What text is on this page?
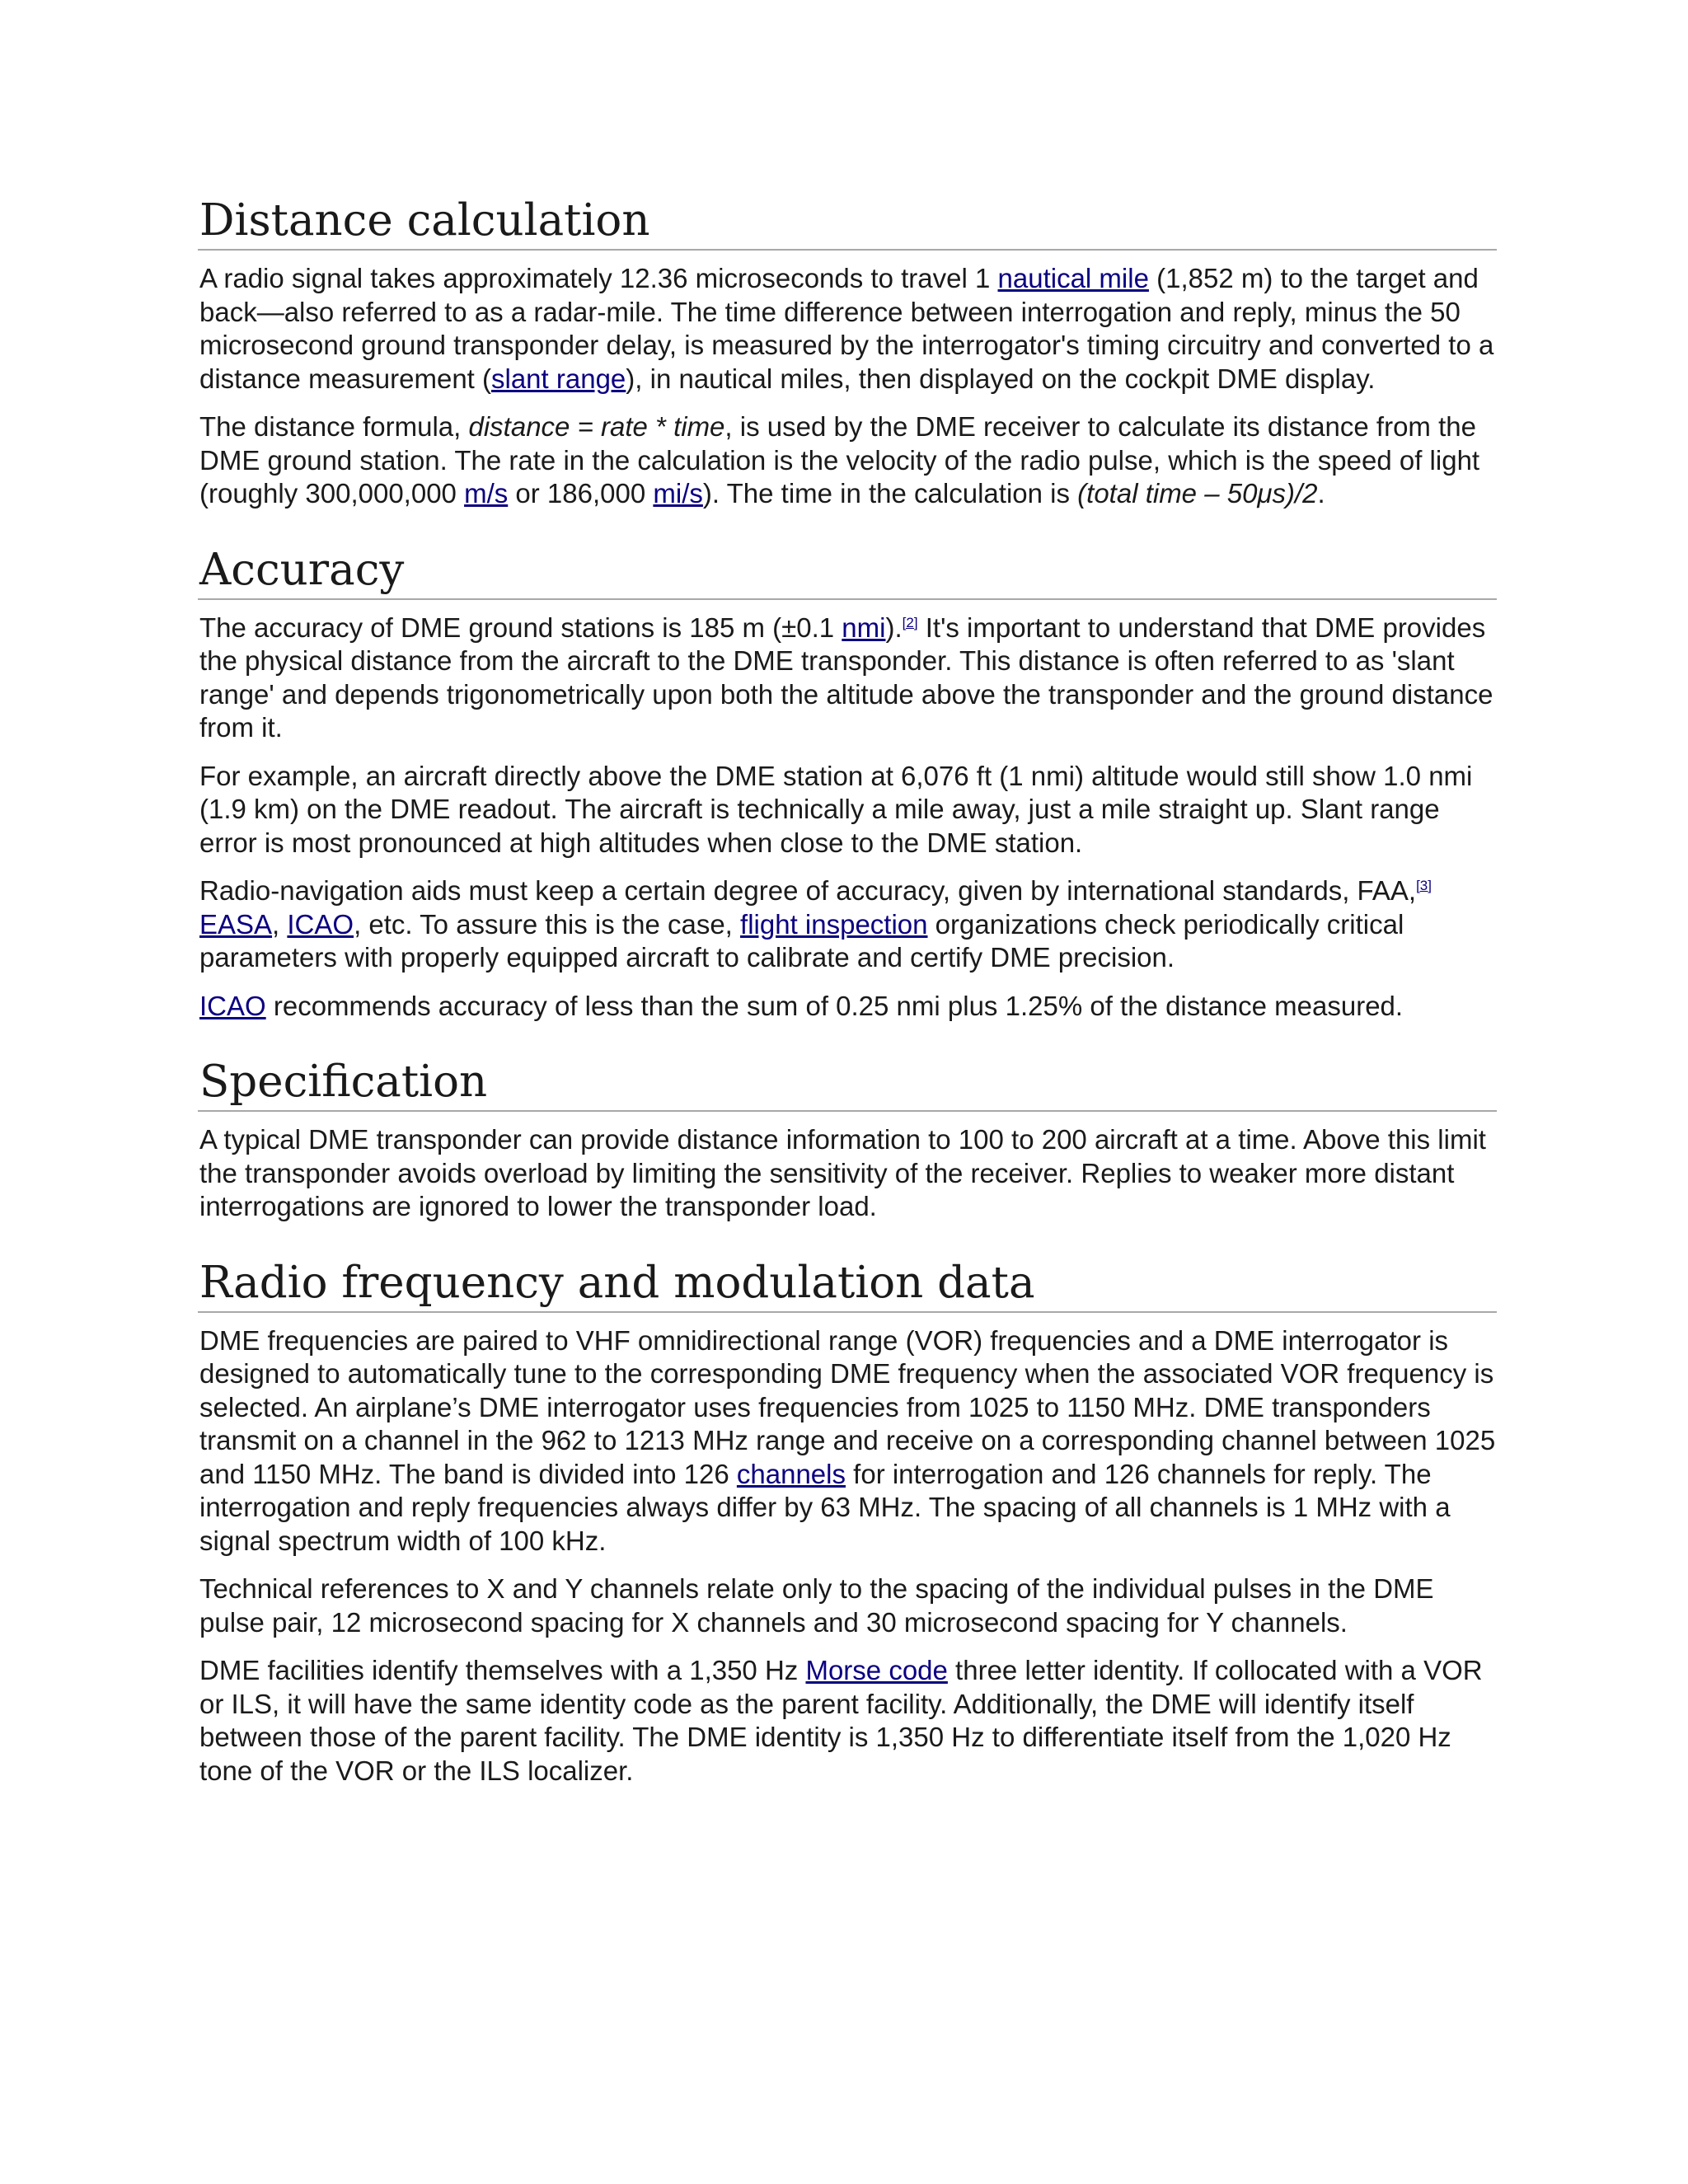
Distance calculation

A radio signal takes approximately 12.36 microseconds to travel 1 nautical mile (1,852 m) to the target and back—also referred to as a radar-mile. The time difference between interrogation and reply, minus the 50 microsecond ground transponder delay, is measured by the interrogator's timing circuitry and converted to a distance measurement (slant range), in nautical miles, then displayed on the cockpit DME display.

The distance formula, distance = rate * time, is used by the DME receiver to calculate its distance from the DME ground station. The rate in the calculation is the velocity of the radio pulse, which is the speed of light (roughly 300,000,000 m/s or 186,000 mi/s). The time in the calculation is (total time – 50μs)/2.

Accuracy

The accuracy of DME ground stations is 185 m (±0.1 nmi).[2] It's important to understand that DME provides the physical distance from the aircraft to the DME transponder. This distance is often referred to as 'slant range' and depends trigonometrically upon both the altitude above the transponder and the ground distance from it.

For example, an aircraft directly above the DME station at 6,076 ft (1 nmi) altitude would still show 1.0 nmi (1.9 km) on the DME readout. The aircraft is technically a mile away, just a mile straight up. Slant range error is most pronounced at high altitudes when close to the DME station.

Radio-navigation aids must keep a certain degree of accuracy, given by international standards, FAA,[3] EASA, ICAO, etc. To assure this is the case, flight inspection organizations check periodically critical parameters with properly equipped aircraft to calibrate and certify DME precision.

ICAO recommends accuracy of less than the sum of 0.25 nmi plus 1.25% of the distance measured.

Specification

A typical DME transponder can provide distance information to 100 to 200 aircraft at a time. Above this limit the transponder avoids overload by limiting the sensitivity of the receiver. Replies to weaker more distant interrogations are ignored to lower the transponder load.

Radio frequency and modulation data

DME frequencies are paired to VHF omnidirectional range (VOR) frequencies and a DME interrogator is designed to automatically tune to the corresponding DME frequency when the associated VOR frequency is selected. An airplane’s DME interrogator uses frequencies from 1025 to 1150 MHz. DME transponders transmit on a channel in the 962 to 1213 MHz range and receive on a corresponding channel between 1025 and 1150 MHz. The band is divided into 126 channels for interrogation and 126 channels for reply. The interrogation and reply frequencies always differ by 63 MHz. The spacing of all channels is 1 MHz with a signal spectrum width of 100 kHz.

Technical references to X and Y channels relate only to the spacing of the individual pulses in the DME pulse pair, 12 microsecond spacing for X channels and 30 microsecond spacing for Y channels.

DME facilities identify themselves with a 1,350 Hz Morse code three letter identity. If collocated with a VOR or ILS, it will have the same identity code as the parent facility. Additionally, the DME will identify itself between those of the parent facility. The DME identity is 1,350 Hz to differentiate itself from the 1,020 Hz tone of the VOR or the ILS localizer.
